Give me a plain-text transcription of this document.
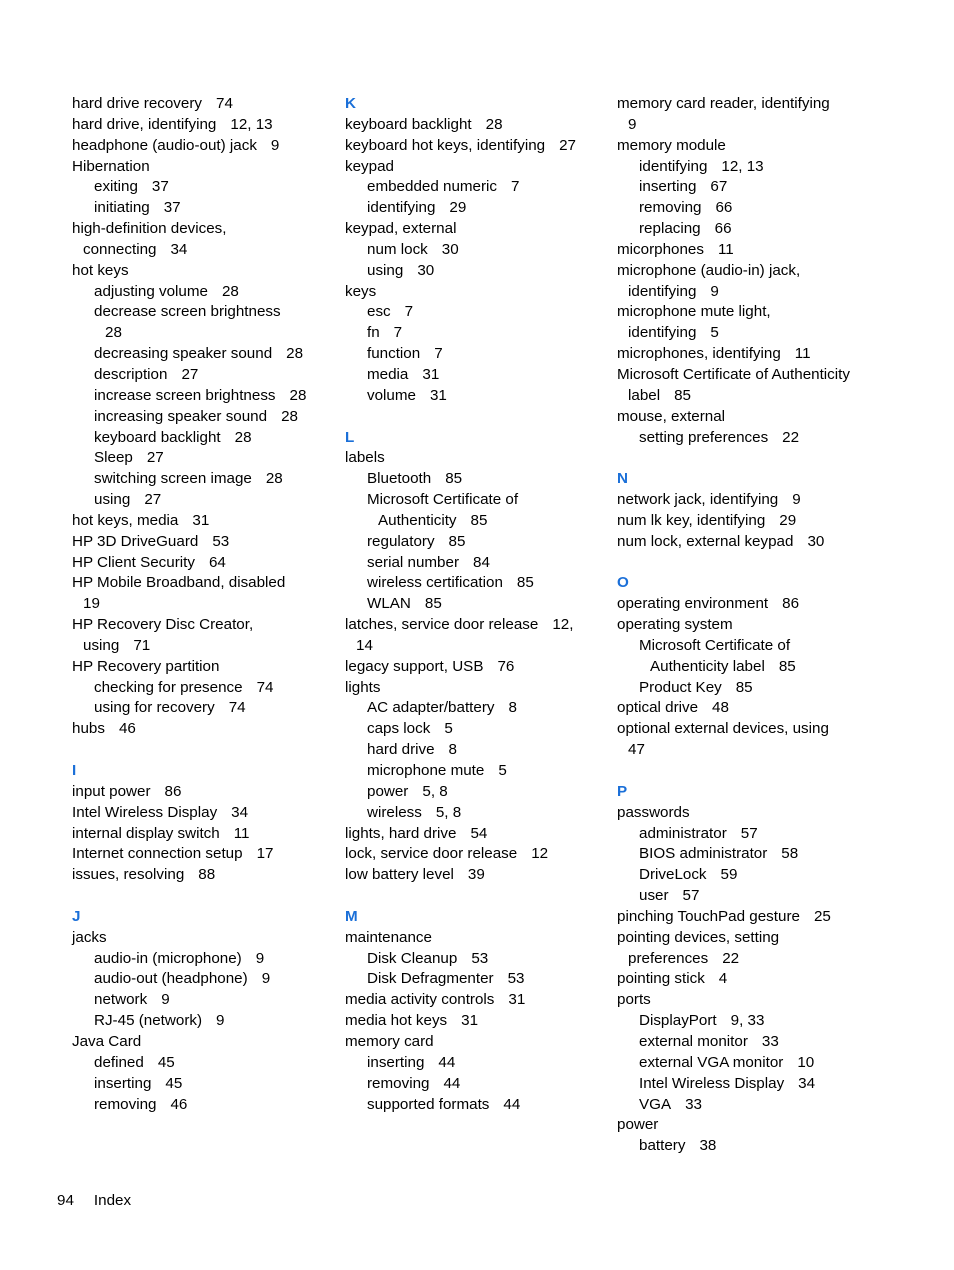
hard drive recovery 74
hard drive, identifying 12, 13
headphone (audio-out) jack 9
Hibernation
exiting 37
initiating 37
high-definition devices,
connecting 34
hot keys
adjusting volume 28
decrease screen brightness
28
decreasing speaker sound 28
description 27
increase screen brightness 28
increasing speaker sound 28
keyboard backlight 28
Sleep 27
switching screen image 28
using 27
hot keys, media 31
HP 3D DriveGuard 53
HP Client Security 64
HP Mobile Broadband, disabled
19
HP Recovery Disc Creator,
using 71
HP Recovery partition
checking for presence 74
using for recovery 74
hubs 46
I
input power 86
Intel Wireless Display 34
internal display switch 11
Internet connection setup 17
issues, resolving 88
J
jacks
audio-in (microphone) 9
audio-out (headphone) 9
network 9
RJ-45 (network) 9
Java Card
defined 45
inserting 45
removing 46
K
keyboard backlight 28
keyboard hot keys, identifying 27
keypad
embedded numeric 7
identifying 29
keypad, external
num lock 30
using 30
keys
esc 7
fn 7
function 7
media 31
volume 31
L
labels
Bluetooth 85
Microsoft Certificate of
Authenticity 85
regulatory 85
serial number 84
wireless certification 85
WLAN 85
latches, service door release 12,
14
legacy support, USB 76
lights
AC adapter/battery 8
caps lock 5
hard drive 8
microphone mute 5
power 5, 8
wireless 5, 8
lights, hard drive 54
lock, service door release 12
low battery level 39
M
maintenance
Disk Cleanup 53
Disk Defragmenter 53
media activity controls 31
media hot keys 31
memory card
inserting 44
removing 44
supported formats 44
memory card reader, identifying
9
memory module
identifying 12, 13
inserting 67
removing 66
replacing 66
micorphones 11
microphone (audio-in) jack,
identifying 9
microphone mute light,
identifying 5
microphones, identifying 11
Microsoft Certificate of Authenticity
label 85
mouse, external
setting preferences 22
N
network jack, identifying 9
num lk key, identifying 29
num lock, external keypad 30
O
operating environment 86
operating system
Microsoft Certificate of
Authenticity label 85
Product Key 85
optical drive 48
optional external devices, using
47
P
passwords
administrator 57
BIOS administrator 58
DriveLock 59
user 57
pinching TouchPad gesture 25
pointing devices, setting
preferences 22
pointing stick 4
ports
DisplayPort 9, 33
external monitor 33
external VGA monitor 10
Intel Wireless Display 34
VGA 33
power
battery 38
94 Index
